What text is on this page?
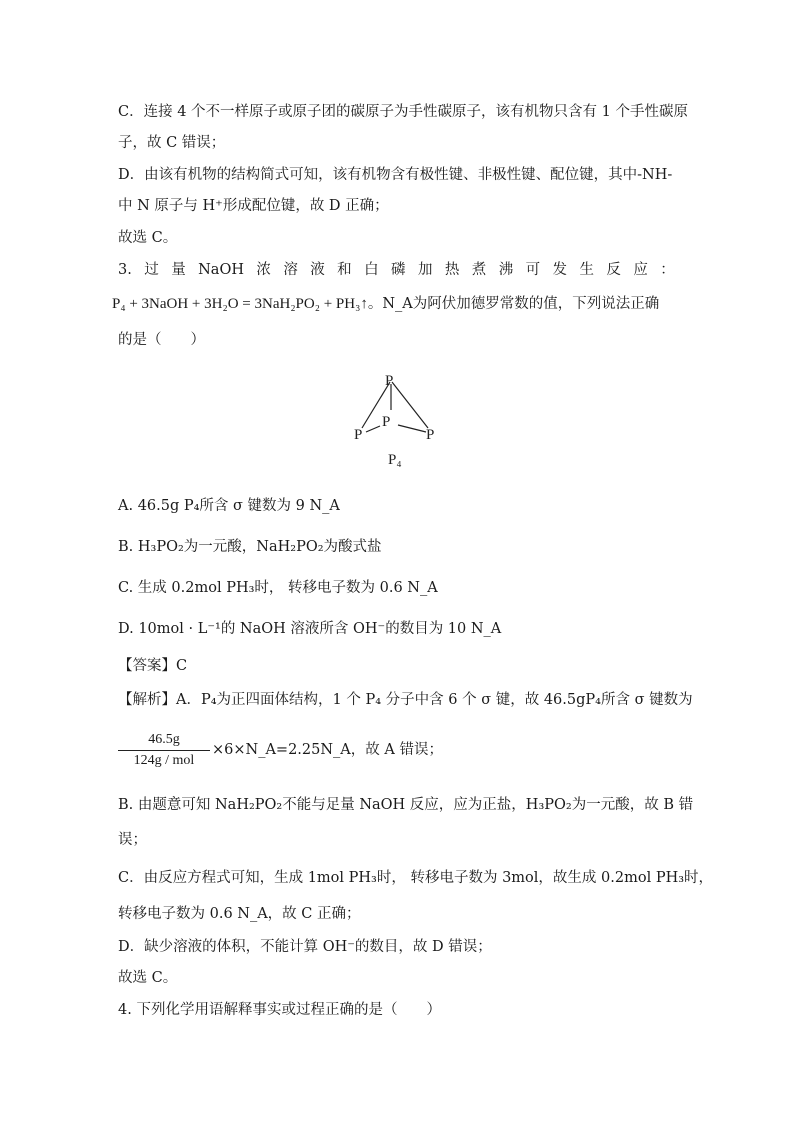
C．连接 4 个不一样原子或原子团的碳原子为手性碳原子，该有机物只含有 1 个手性碳原
子，故 C 错误；
D．由该有机物的结构简式可知，该有机物含有极性键、非极性键、配位键，其中-NH-
中 N 原子与 H⁺形成配位键，故 D 正确；
故选 C。
3. 过 量 NaOH 浓 溶 液 和 白 磷 加 热 煮 沸 可 发 生 反 应 ：
P₄ + 3NaOH + 3H₂O = 3NaH₂PO₂ + PH₃↑。N_A为阿伏加德罗常数的值，下列说法正确
的是（　　）
P
P
P	P
P₄
A. 46.5g P₄所含 σ 键数为 9 N_A
B. H₃PO₂为一元酸，NaH₂PO₂为酸式盐
C. 生成 0.2mol PH₃时， 转移电子数为 0.6 N_A
D. 10mol · L⁻¹的 NaOH 溶液所含 OH⁻的数目为 10 N_A
【答案】C
【解析】A．P₄为正四面体结构，1 个 P₄ 分子中含 6 个 σ 键，故 46.5gP₄所含 σ 键数为
46.5g
124g / mol
×6×N_A=2.25N_A，故 A 错误；
B. 由题意可知 NaH₂PO₂不能与足量 NaOH 反应，应为正盐，H₃PO₂为一元酸，故 B 错
误；
C．由反应方程式可知，生成 1mol PH₃时， 转移电子数为 3mol，故生成 0.2mol PH₃时，
转移电子数为 0.6 N_A，故 C 正确；
D．缺少溶液的体积，不能计算 OH⁻的数目，故 D 错误；
故选 C。
4. 下列化学用语解释事实或过程正确的是（　　）
